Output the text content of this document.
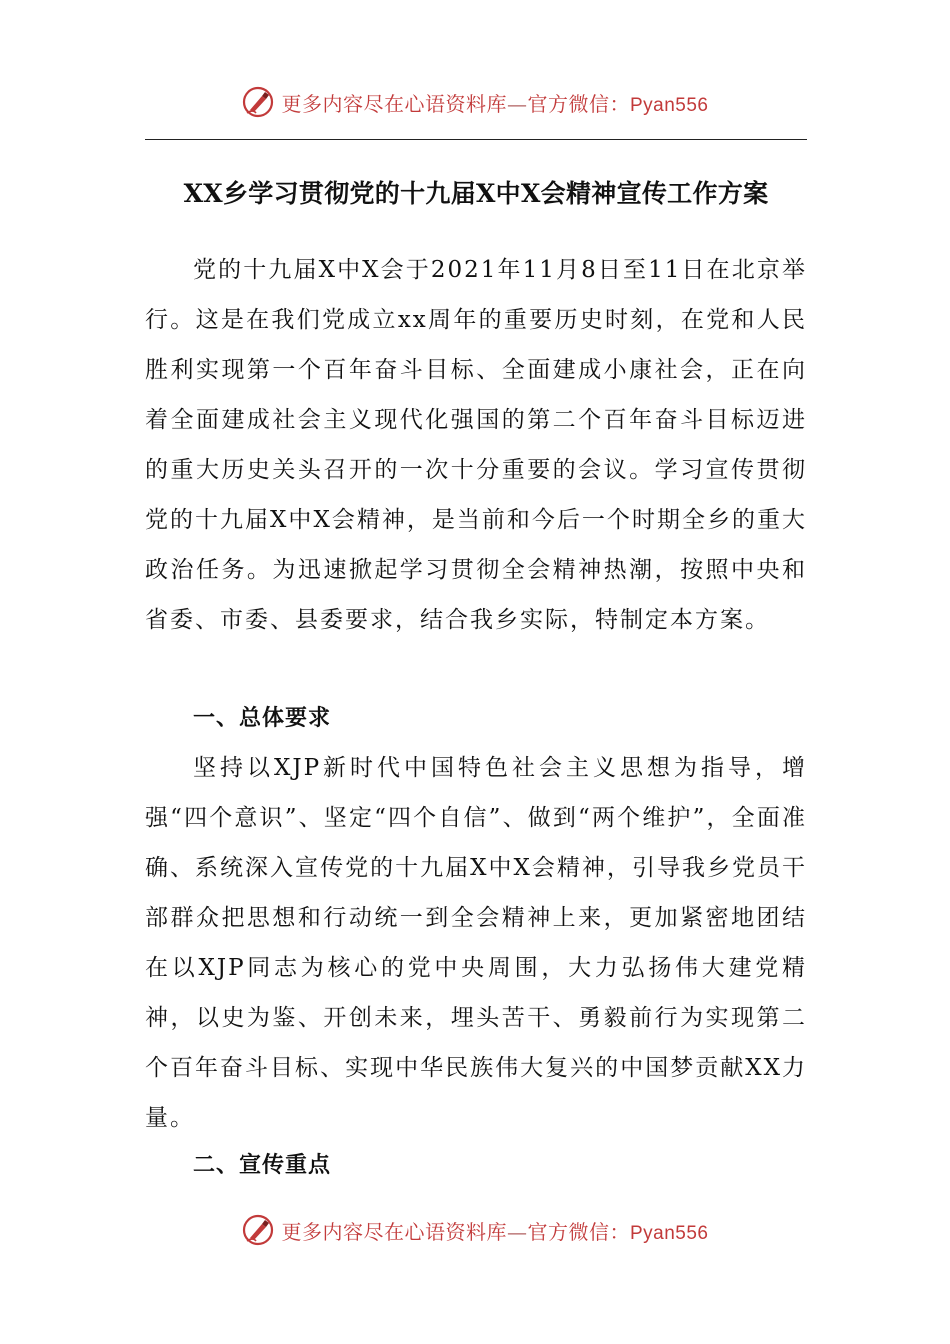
更多内容尽在心语资料库—官方微信：Pyan556
XX乡学习贯彻党的十九届X中X会精神宣传工作方案

党的十九届X中X会于2021年11月8日至11日在北京举行。这是在我们党成立xx周年的重要历史时刻，在党和人民胜利实现第一个百年奋斗目标、全面建成小康社会，正在向着全面建成社会主义现代化强国的第二个百年奋斗目标迈进的重大历史关头召开的一次十分重要的会议。学习宣传贯彻党的十九届X中X会精神，是当前和今后一个时期全乡的重大政治任务。为迅速掀起学习贯彻全会精神热潮，按照中央和省委、市委、县委要求，结合我乡实际，特制定本方案。

一、总体要求

坚持以XJP新时代中国特色社会主义思想为指导，增强“四个意识”、坚定“四个自信”、做到“两个维护”，全面准确、系统深入宣传党的十九届X中X会精神，引导我乡党员干部群众把思想和行动统一到全会精神上来，更加紧密地团结在以XJP同志为核心的党中央周围，大力弘扬伟大建党精神，以史为鉴、开创未来，埋头苦干、勇毅前行为实现第二个百年奋斗目标、实现中华民族伟大复兴的中国梦贡献XX力量。

二、宣传重点
更多内容尽在心语资料库—官方微信：Pyan556
